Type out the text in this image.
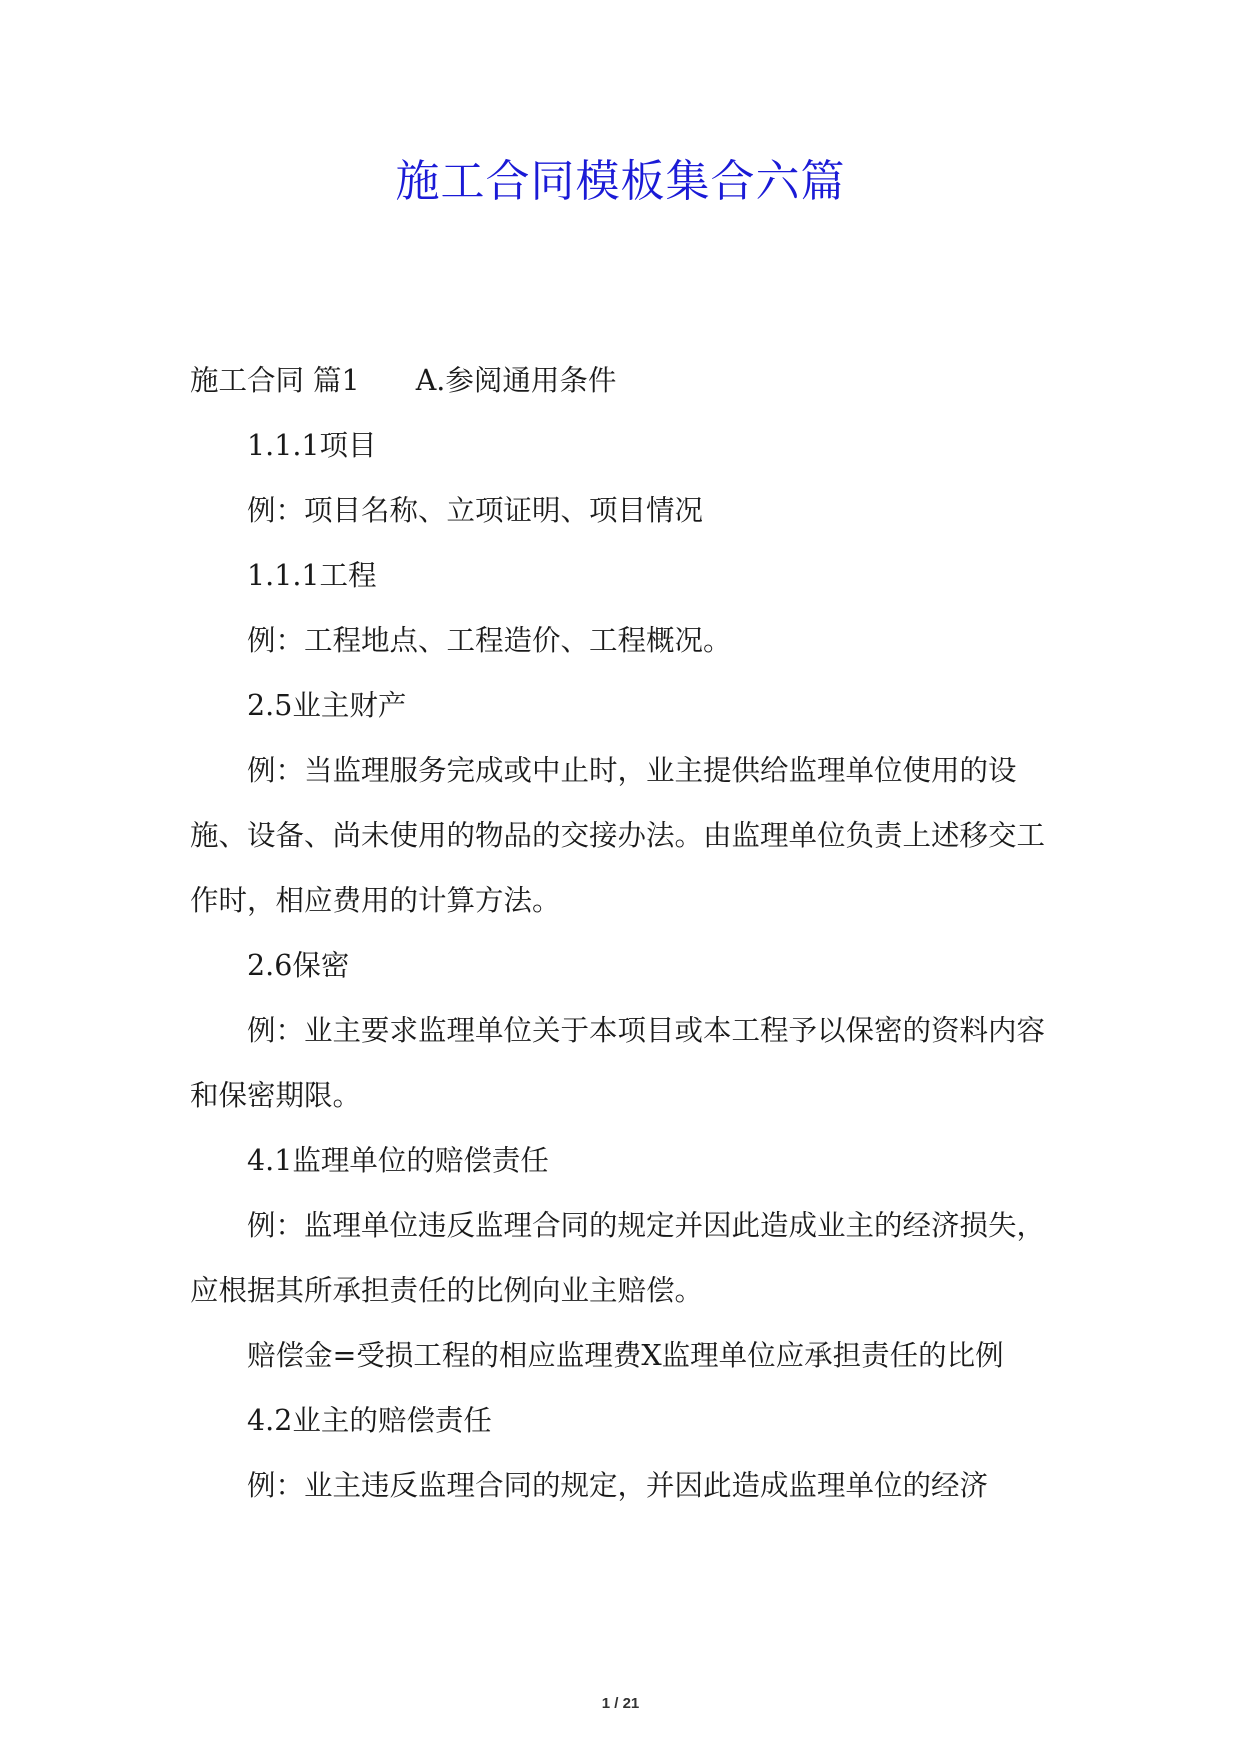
施工合同模板集合六篇

施工合同 篇1 A.参阅通用条件

1.1.1项目

例：项目名称、立项证明、项目情况

1.1.1工程

例：工程地点、工程造价、工程概况。

2.5业主财产

例：当监理服务完成或中止时，业主提供给监理单位使用的设施、设备、尚未使用的物品的交接办法。由监理单位负责上述移交工作时，相应费用的计算方法。

2.6保密

例：业主要求监理单位关于本项目或本工程予以保密的资料内容和保密期限。

4.1监理单位的赔偿责任

例：监理单位违反监理合同的规定并因此造成业主的经济损失，应根据其所承担责任的比例向业主赔偿。

赔偿金=受损工程的相应监理费X监理单位应承担责任的比例

4.2业主的赔偿责任

例：业主违反监理合同的规定，并因此造成监理单位的经济

1 / 21
